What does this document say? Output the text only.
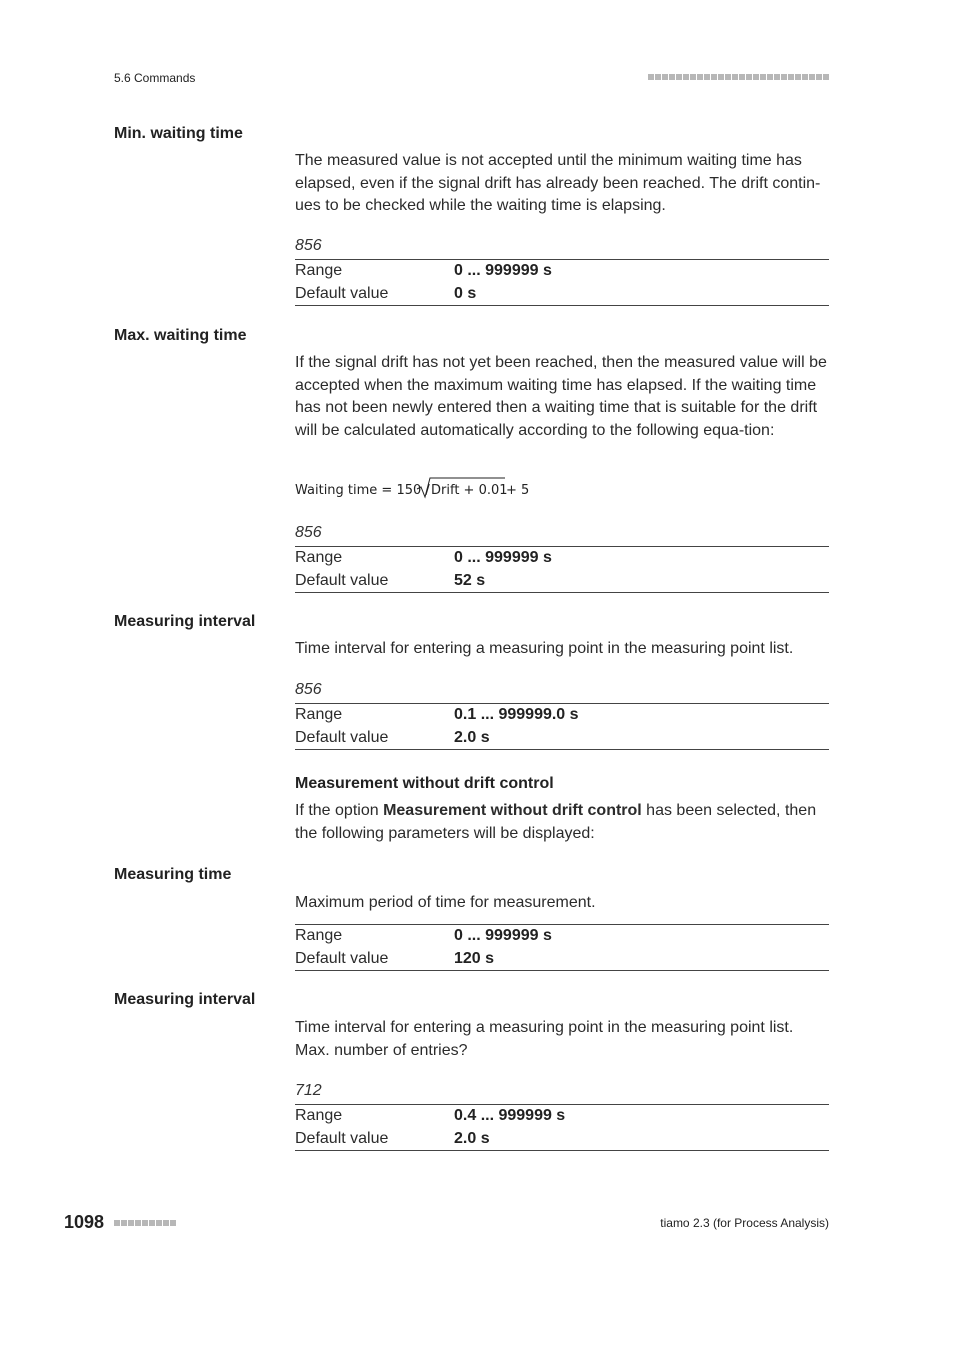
5.6 Commands
Min. waiting time
The measured value is not accepted until the minimum waiting time has elapsed, even if the signal drift has already been reached. The drift contin-ues to be checked while the waiting time is elapsing.
856
Range	0 ... 999999 s
Default value	0 s
Max. waiting time
If the signal drift has not yet been reached, then the measured value will be accepted when the maximum waiting time has elapsed. If the waiting time has not been newly entered then a waiting time that is suitable for the drift will be calculated automatically according to the following equa-tion:
Waiting time = 150 / Drift + 0.01
+ 5
856
Range	0 ... 999999 s
Default value	52 s
Measuring interval
Time interval for entering a measuring point in the measuring point list.
856
Range	0.1 ... 999999.0 s
Default value	2.0 s
Measurement without drift control
If the option Measurement without drift control has been selected, then the following parameters will be displayed:
Measuring time
Maximum period of time for measurement.
Range	0 ... 999999 s
Default value	120 s
Measuring interval
Time interval for entering a measuring point in the measuring point list. Max. number of entries?
712
Range	0.4 ... 999999 s
Default value	2.0 s
1098	tiamo 2.3 (for Process Analysis)
